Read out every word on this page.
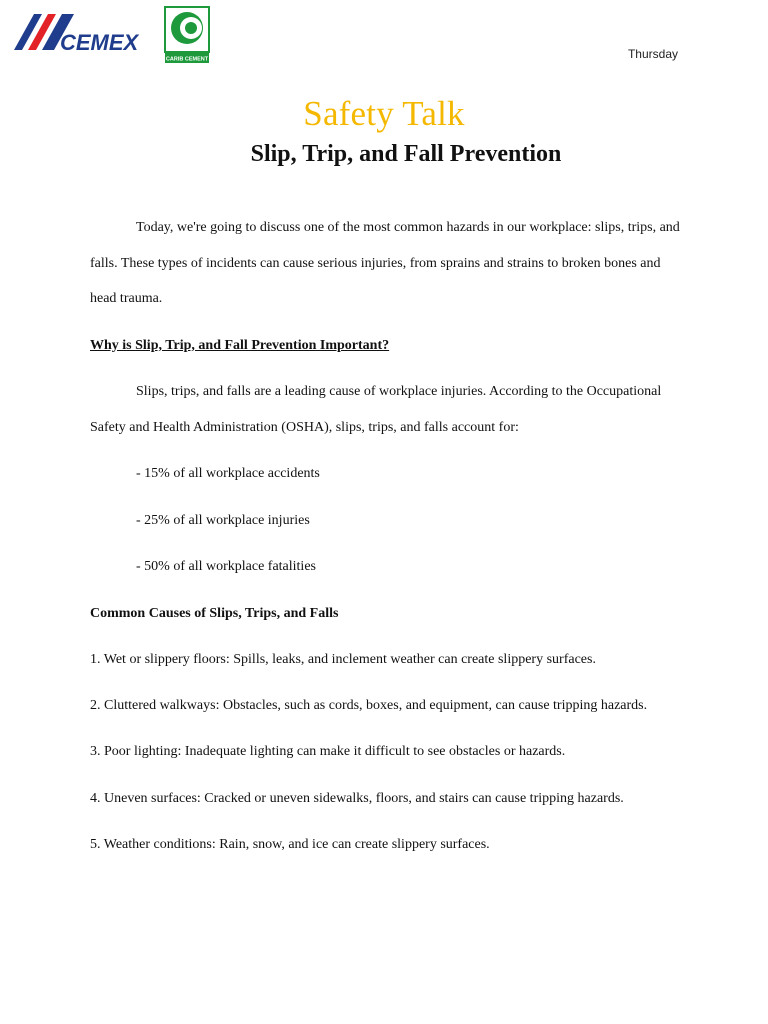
CEMEX
CARIB CEMENT	Thursday
Safety Talk
Slip, Trip, and Fall Prevention

Today, we're going to discuss one of the most common hazards in our workplace: slips, trips, and falls. These types of incidents can cause serious injuries, from sprains and strains to broken bones and head trauma.

Why is Slip, Trip, and Fall Prevention Important?

Slips, trips, and falls are a leading cause of workplace injuries. According to the Occupational Safety and Health Administration (OSHA), slips, trips, and falls account for:

- 15% of all workplace accidents

- 25% of all workplace injuries

- 50% of all workplace fatalities

Common Causes of Slips, Trips, and Falls

1. Wet or slippery floors: Spills, leaks, and inclement weather can create slippery surfaces.

2. Cluttered walkways: Obstacles, such as cords, boxes, and equipment, can cause tripping hazards.

3. Poor lighting: Inadequate lighting can make it difficult to see obstacles or hazards.

4. Uneven surfaces: Cracked or uneven sidewalks, floors, and stairs can cause tripping hazards.

5. Weather conditions: Rain, snow, and ice can create slippery surfaces.
